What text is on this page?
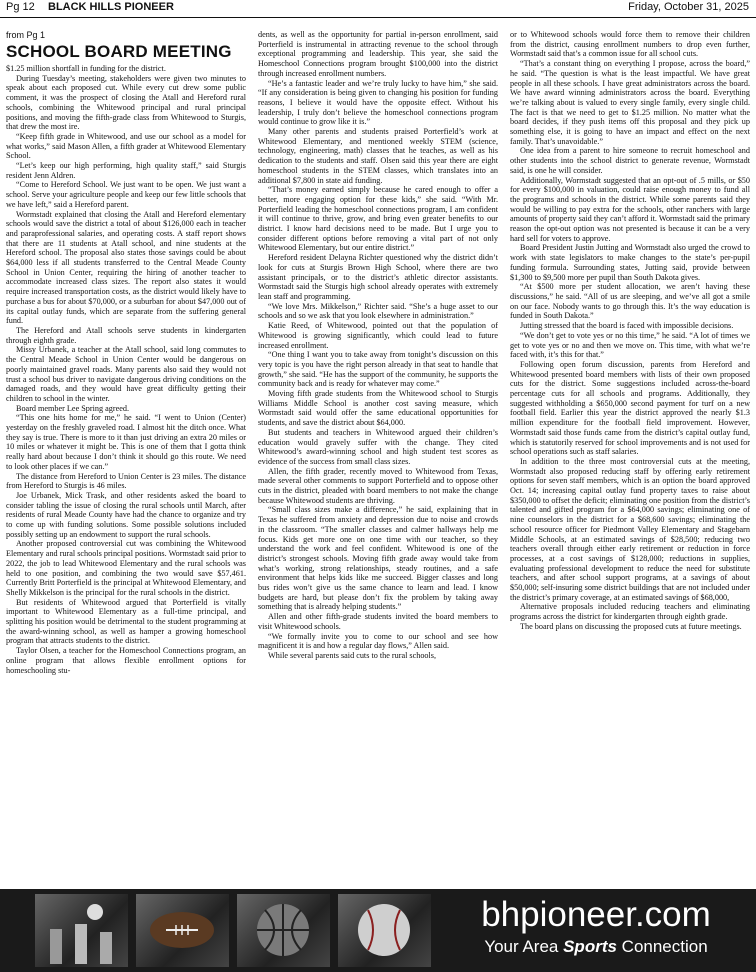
Pg 12 BLACK HILLS PIONEER	Friday, October 31, 2025
from Pg 1
SCHOOL BOARD MEETING

$1.25 million shortfall in funding for the district.

During Tuesday’s meeting, stakeholders were given two minutes to speak about each proposed cut. While every cut drew some public comment, it was the prospect of closing the Atall and Hereford rural schools, combining the Whitewood principal and rural principal positions, and moving the fifth-grade class from Whitewood to Sturgis, that drew the most ire.

“Keep fifth grade in Whitewood, and use our school as a model for what works,” said Mason Allen, a fifth grader at Whitewood Elementary School.

“Let’s keep our high performing, high quality staff,” said Sturgis resident Jenn Aldren.

“Come to Hereford School. We just want to be open. We just want a school. Serve your agriculture people and keep our few little schools that we have left,” said a Hereford parent.

Wormstadt explained that closing the Atall and Hereford elementary schools would save the district a total of about $126,000 each in teacher and paraprofessional salaries, and operating costs. A staff report shows that there are 11 students at Atall school, and nine students at the Hereford school. The proposal also states those savings could be about $64,000 less if all students transferred to the Central Meade County School in Union Center, requiring the hiring of another teacher to accommodate increased class sizes. The report also states it would require increased transportation costs, as the district would likely have to purchase a bus for about $70,000, or a suburban for about $47,000 out of its capital outlay funds, which are separate from the suffering general fund.

The Hereford and Atall schools serve students in kindergarten through eighth grade.

Missy Urbanek, a teacher at the Atall school, said long commutes to the Central Meade School in Union Center would be dangerous on poorly maintained gravel roads. Many parents also said they would not trust a school bus driver to navigate dangerous driving conditions on the damaged roads, and they would have great difficulty getting their children to school in the winter.

Board member Lee Spring agreed.

“This one hits home for me,” he said. “I went to Union (Center) yesterday on the freshly graveled road. I almost hit the ditch once. What they say is true. There is more to it than just driving an extra 20 miles or 10 miles or whatever it might be. This is one of them that I gotta think really hard about because I don’t think it should go this route. We need to look other places if we can.”

The distance from Hereford to Union Center is 23 miles. The distance from Hereford to Sturgis is 46 miles.

Joe Urbanek, Mick Trask, and other residents asked the board to consider tabling the issue of closing the rural schools until March, after residents of rural Meade County have had the chance to organize and try to come up with funding solutions. Some possible solutions included possibly setting up an endowment to support the rural schools.

Another proposed controversial cut was combining the Whitewood Elementary and rural schools principal positions. Wormstadt said prior to 2022, the job to lead Whitewood Elementary and the rural schools was held to one position, and combining the two would save $57,461. Currently Britt Porterfield is the principal at Whitewood Elementary, and Shelly Mikkelson is the principal for the rural schools in the district.

But residents of Whitewood argued that Porterfield is vitally important to Whitewood Elementary as a full-time principal, and splitting his position would be detrimental to the student programming at the award-winning school, as well as hamper a growing homeschool program that attracts students to the district.

Taylor Olsen, a teacher for the Homeschool Connections program, an online program that allows flexible enrollment options for homeschooling stu-

dents, as well as the opportunity for partial in-person enrollment, said Porterfield is instrumental in attracting revenue to the school through exceptional programming and leadership. This year, she said the Homeschool Connections program brought $100,000 into the district through increased enrollment numbers.

“He’s a fantastic leader and we’re truly lucky to have him,” she said. “If any consideration is being given to changing his position for funding reasons, I believe it would have the opposite effect. Without his leadership, I truly don’t believe the homeschool connections program would continue to grow like it is.”

Many other parents and students praised Porterfield’s work at Whitewood Elementary, and mentioned weekly STEM (science, technology, engineering, math) classes that he teaches, as well as his dedication to the students and staff. Olsen said this year there are eight homeschool students in the STEM classes, which translates into an additional $7,800 in state aid funding.

“That’s money earned simply because he cared enough to offer a better, more engaging option for these kids,” she said. “With Mr. Porterfield leading the homeschool connections program, I am confident it will continue to thrive, grow, and bring even greater benefits to our district. I know hard decisions need to be made. But I urge you to consider different options before removing a vital part of not only Whitewood Elementary, but our entire district.”

Hereford resident Delayna Richter questioned why the district didn’t look for cuts at Sturgis Brown High School, where there are two assistant principals, or to the district’s athletic director assistants. Wormstadt said the Sturgis high school already operates with extremely lean staff and programming.

“We love Mrs. Mikkelson,” Richter said. “She’s a huge asset to our schools and so we ask that you look elsewhere in administration.”

Katie Reed, of Whitewood, pointed out that the population of Whitewood is growing significantly, which could lead to future increased enrollment.

“One thing I want you to take away from tonight’s discussion on this very topic is you have the right person already in that seat to handle that growth,” she said. “He has the support of the community, he supports the community back and is ready for whatever may come.”

Moving fifth grade students from the Whitewood school to Sturgis Williams Middle School is another cost saving measure, which Wormstadt said would offer the same educational opportunities for students, and save the district about $64,000.

But students and teachers in Whitewood argued their children’s education would gravely suffer with the change. They cited Whitewood’s award-winning school and high student test scores as evidence of the success from small class sizes.

Allen, the fifth grader, recently moved to Whitewood from Texas, made several other comments to support Porterfield and to oppose other cuts in the district, pleaded with board members to not make the change because Whitewood students are thriving.

“Small class sizes make a difference,” he said, explaining that in Texas he suffered from anxiety and depression due to noise and crowds in the classroom. “The smaller classes and calmer hallways help me focus. Kids get more one on one time with our teacher, so they understand the work and feel confident. Whitewood is one of the district’s strongest schools. Moving fifth grade away would take from what’s working, strong relationships, steady routines, and a safe environment that helps kids like me succeed. Bigger classes and long bus rides won’t give us the same chance to learn and lead. I know budgets are hard, but please don’t fix the problem by taking away something that is already helping students.”

Allen and other fifth-grade students invited the board members to visit Whitewood schools.

“We formally invite you to come to our school and see how magnificent it is and how a regular day flows,” Allen said.

While several parents said cuts to the rural schools,

or to Whitewood schools would force them to remove their children from the district, causing enrollment numbers to drop even further, Wormstadt said that’s a common issue for all school cuts.

“That’s a constant thing on everything I propose, across the board,” he said. “The question is what is the least impactful. We have great people in all these schools. I have great administrators across the board. We have award winning administrators across the board. Everything we’re talking about is valued to every single family, every single child. The fact is that we need to get to $1.25 million. No matter what the board decides, if they push items off this proposal and they pick up something else, it is going to have an impact and effect on the next family. That’s unavoidable.”

One idea from a parent to hire someone to recruit homeschool and other students into the school district to generate revenue, Wormstadt said, is one he will consider.

Additionally, Wormstadt suggested that an opt-out of .5 mills, or $50 for every $100,000 in valuation, could raise enough money to fund all the programs and schools in the district. While some parents said they would be willing to pay extra for the schools, other ranchers with large amounts of property said they can’t afford it. Wormstadt said the primary reason the opt-out option was not presented is because it can be a very hard sell for voters to approve.

Board President Justin Jutting and Wormstadt also urged the crowd to work with state legislators to make changes to the state’s per-pupil funding formula. Surrounding states, Jutting said, provide between $1,300 to $9,500 more per pupil than South Dakota gives.

“At $500 more per student allocation, we aren’t having these discussions,” he said. “All of us are sleeping, and we’ve all got a smile on our face. Nobody wants to go through this. It’s the way education is funded in South Dakota.”

Jutting stressed that the board is faced with impossible decisions.

“We don’t get to vote yes or no this time,” he said. “A lot of times we get to vote yes or no and then we move on. This time, with what we’re faced with, it’s this for that.”

Following open forum discussion, parents from Hereford and Whitewood presented board members with lists of their own proposed cuts for the district. Some suggestions included across-the-board percentage cuts for all schools and programs. Additionally, they suggested withholding a $650,000 second payment for turf on a new football field. Earlier this year the district approved the nearly $1.3 million expenditure for the football field improvement. However, Wormstadt said those funds came from the district’s capital outlay fund, which is statutorily reserved for school improvements and is not used for school operations such as staff salaries.

In addition to the three most controversial cuts at the meeting, Wormstadt also proposed reducing staff by offering early retirement options for seven staff members, which is an option the board approved Oct. 14; increasing capital outlay fund property taxes to raise about $350,000 to offset the deficit; eliminating one position from the district’s talented and gifted program for a $64,000 savings; eliminating one of nine counselors in the district for a $68,600 savings; eliminating the school resource officer for Piedmont Valley Elementary and Stagebarn Middle Schools, at an estimated savings of $28,500; reducing two teachers overall through either early retirement or reduction in force processes, at a cost savings of $128,000; reductions in supplies, evaluating professional development to reduce the need for substitute teachers, and after school support programs, at a savings of about $50,000; self-insuring some district buildings that are not included under the district’s primary coverage, at an estimated savings of $68,000,

Alternative proposals included reducing teachers and eliminating programs across the district for kindergarten through eighth grade.

The board plans on discussing the proposed cuts at future meetings.

bhpioneer.com
Your Area Sports Connection
